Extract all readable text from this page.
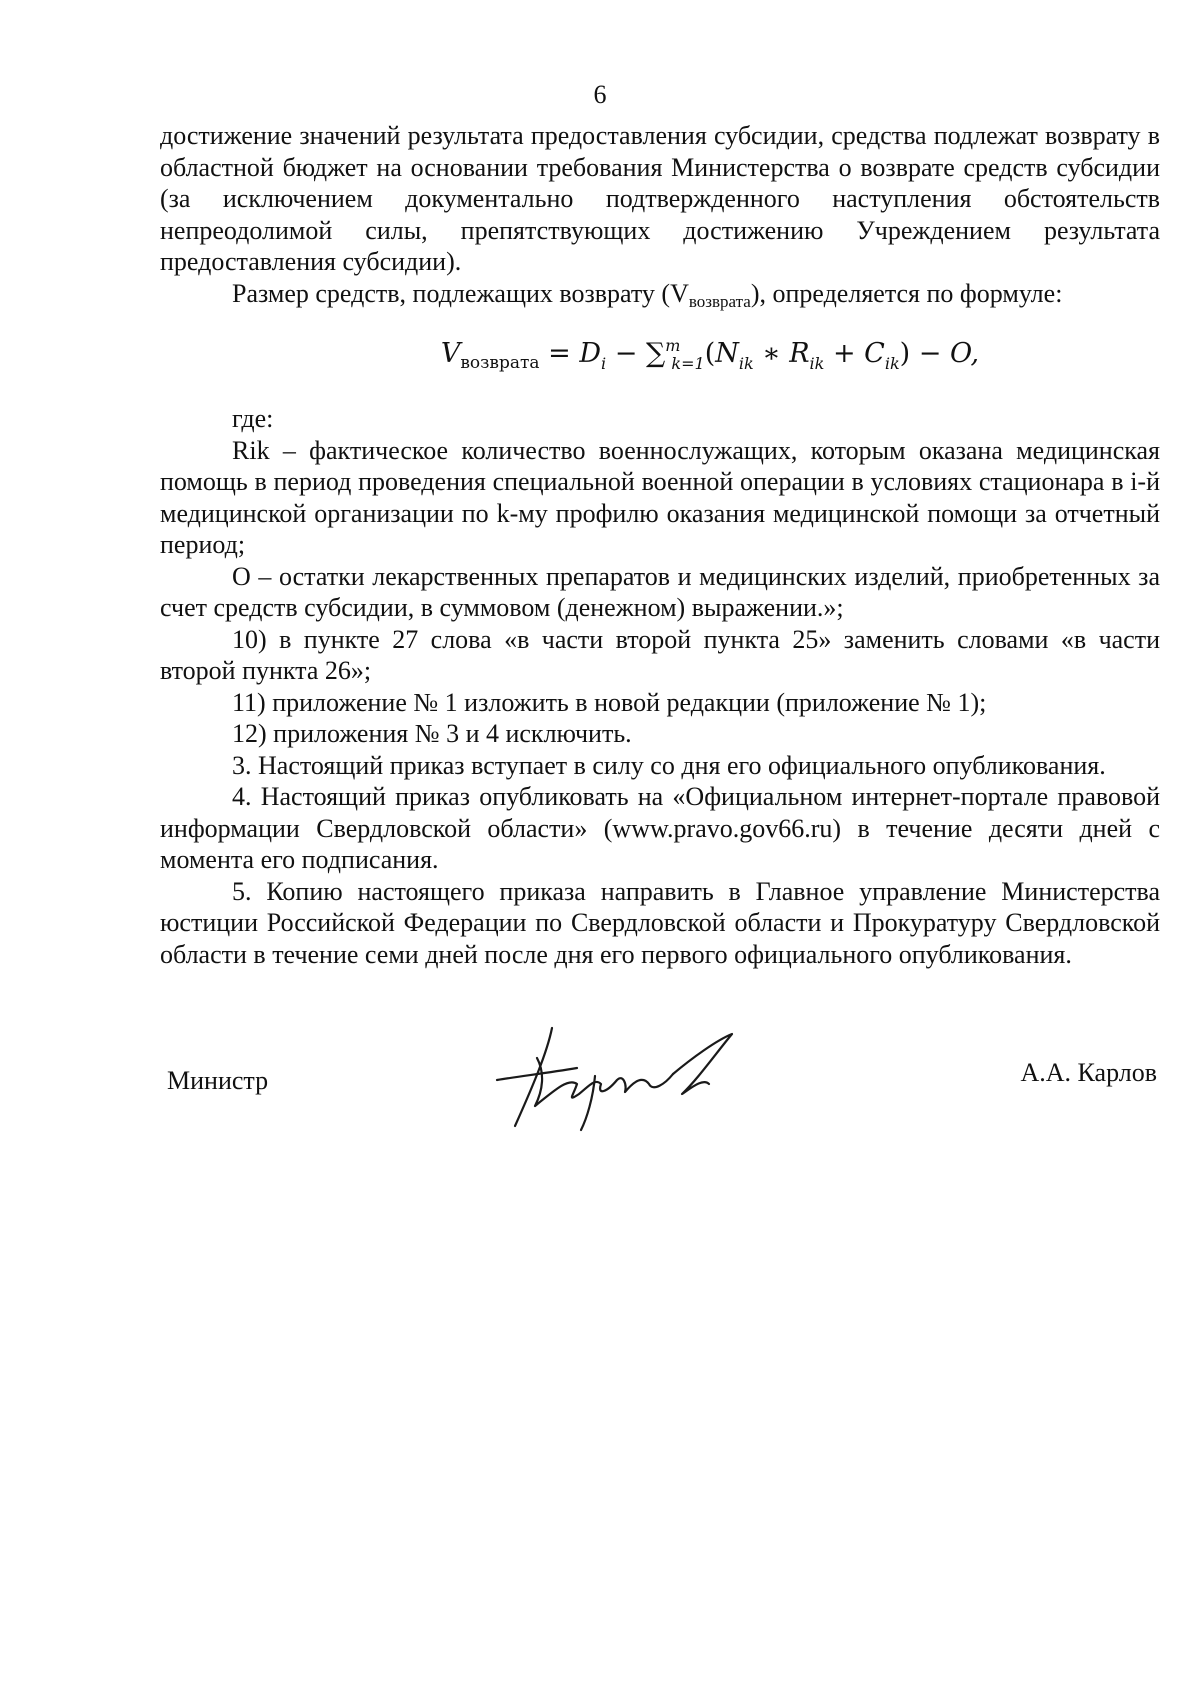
6

достижение значений результата предоставления субсидии, средства подлежат возврату в областной бюджет на основании требования Министерства о возврате средств субсидии (за исключением документально подтвержденного наступления обстоятельств непреодолимой силы, препятствующих достижению Учреждением результата предоставления субсидии).

Размер средств, подлежащих возврату (Vвозврата), определяется по формуле:

$V_{возврата} = D_i - \sum mk=1(N_{ik}$ ∗ $R_{ik} + C_{ik}) - O$,

где:

Rik – фактическое количество военнослужащих, которым оказана медицинская помощь в период проведения специальной военной операции в условиях стационара в i-й медицинской организации по k-му профилю оказания медицинской помощи за отчетный период;

О – остатки лекарственных препаратов и медицинских изделий, приобретенных за счет средств субсидии, в суммовом (денежном) выражении.»;

10) в пункте 27 слова «в части второй пункта 25» заменить словами «в части второй пункта 26»;

11) приложение № 1 изложить в новой редакции (приложение № 1);

12) приложения № 3 и 4 исключить.

3. Настоящий приказ вступает в силу со дня его официального опубликования.

4. Настоящий приказ опубликовать на «Официальном интернет-портале правовой информации Свердловской области» (www.pravo.gov66.ru) в течение десяти дней с момента его подписания.

5. Копию настоящего приказа направить в Главное управление Министерства юстиции Российской Федерации по Свердловской области и Прокуратуру Свердловской области в течение семи дней после дня его первого официального опубликования.

Министр	А.А. Карлов
